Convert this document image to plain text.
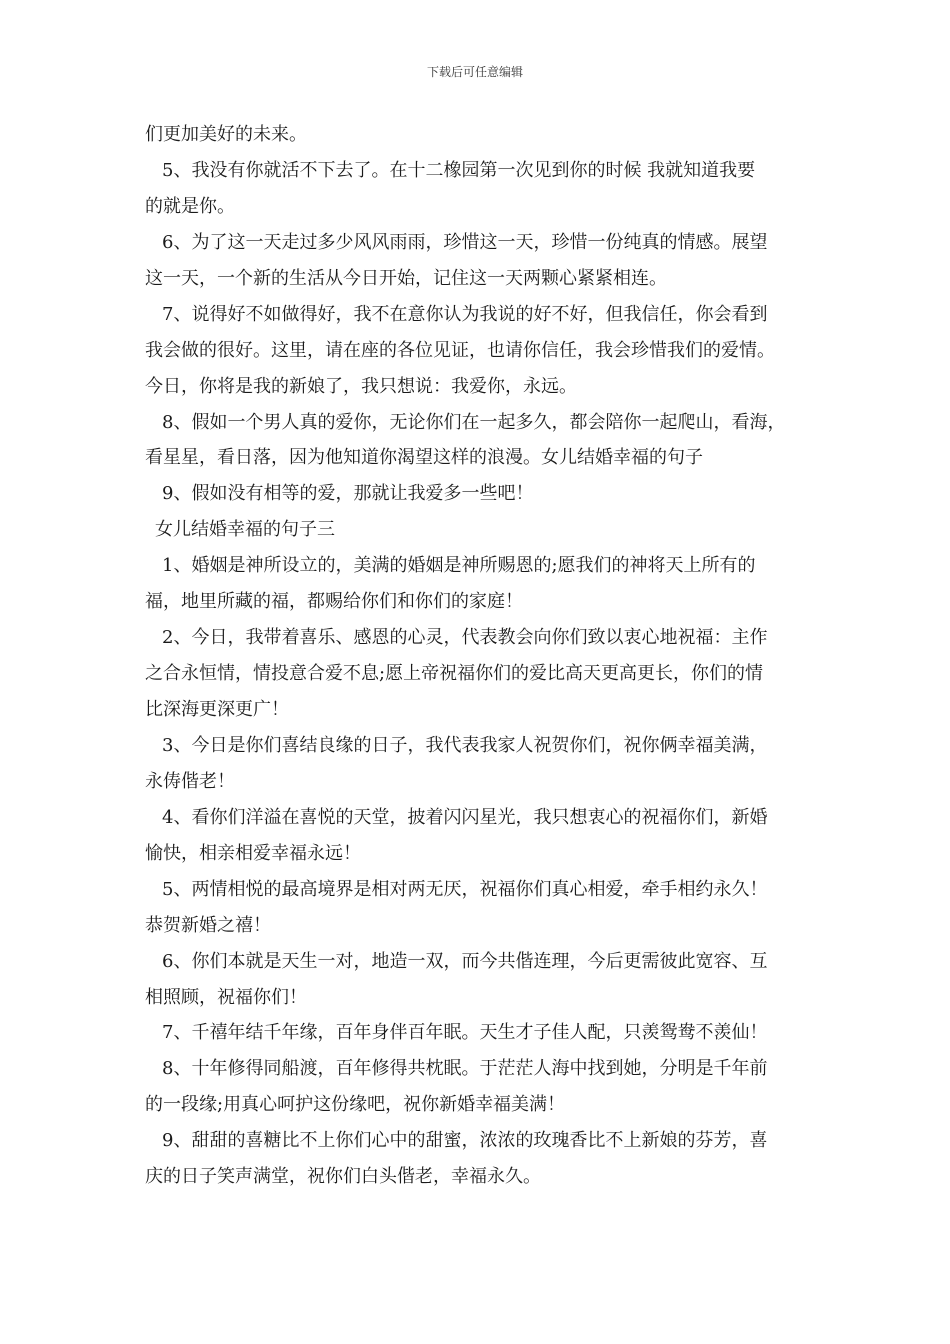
下载后可任意编辑
们更加美好的未来。
5、我没有你就活不下去了。在十二橡园第一次见到你的时候 我就知道我要
的就是你。
6、为了这一天走过多少风风雨雨，珍惜这一天，珍惜一份纯真的情感。展望
这一天，一个新的生活从今日开始，记住这一天两颗心紧紧相连。
7、说得好不如做得好，我不在意你认为我说的好不好，但我信任，你会看到
我会做的很好。这里，请在座的各位见证，也请你信任，我会珍惜我们的爱情。
今日，你将是我的新娘了，我只想说：我爱你，永远。
8、假如一个男人真的爱你，无论你们在一起多久，都会陪你一起爬山，看海，
看星星，看日落，因为他知道你渴望这样的浪漫。女儿结婚幸福的句子
9、假如没有相等的爱，那就让我爱多一些吧！
女儿结婚幸福的句子三
1、婚姻是神所设立的，美满的婚姻是神所赐恩的;愿我们的神将天上所有的
福，地里所藏的福，都赐给你们和你们的家庭！
2、今日，我带着喜乐、感恩的心灵，代表教会向你们致以衷心地祝福：主作
之合永恒情，情投意合爱不息;愿上帝祝福你们的爱比高天更高更长，你们的情
比深海更深更广！
3、今日是你们喜结良缘的日子，我代表我家人祝贺你们，祝你俩幸福美满，
永俦偕老！
4、看你们洋溢在喜悦的天堂，披着闪闪星光，我只想衷心的祝福你们，新婚
愉快，相亲相爱幸福永远！
5、两情相悦的最高境界是相对两无厌，祝福你们真心相爱，牵手相约永久！
恭贺新婚之禧！
6、你们本就是天生一对，地造一双，而今共偕连理，今后更需彼此宽容、互
相照顾，祝福你们！
7、千禧年结千年缘，百年身伴百年眠。天生才子佳人配，只羡鸳鸯不羡仙！
8、十年修得同船渡，百年修得共枕眠。于茫茫人海中找到她，分明是千年前
的一段缘;用真心呵护这份缘吧，祝你新婚幸福美满！
9、甜甜的喜糖比不上你们心中的甜蜜，浓浓的玫瑰香比不上新娘的芬芳，喜
庆的日子笑声满堂，祝你们白头偕老，幸福永久。
